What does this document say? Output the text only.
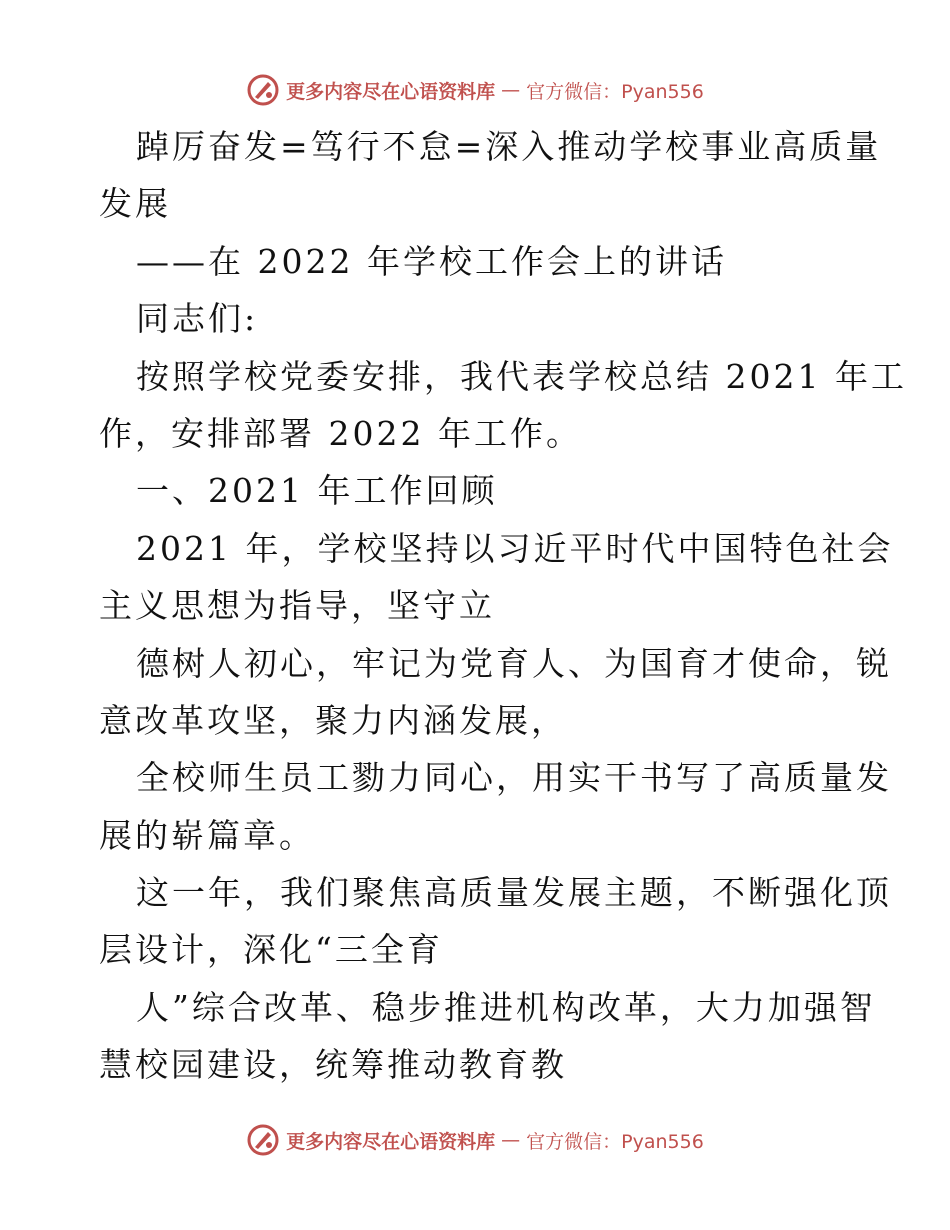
更多内容尽在心语资料库 — 官方微信：Pyan556
踔厉奋发=笃行不怠=深入推动学校事业高质量
发展
——在 2022 年学校工作会上的讲话
同志们:
按照学校党委安排，我代表学校总结 2021 年工
作，安排部署 2022 年工作。
一、2021 年工作回顾
2021 年，学校坚持以习近平时代中国特色社会
主义思想为指导，坚守立
德树人初心，牢记为党育人、为国育才使命，锐
意改革攻坚，聚力内涵发展，
全校师生员工勠力同心，用实干书写了高质量发
展的崭篇章。
这一年，我们聚焦高质量发展主题，不断强化顶
层设计，深化“三全育
人”综合改革、稳步推进机构改革，大力加强智
慧校园建设，统筹推动教育教
更多内容尽在心语资料库 — 官方微信：Pyan556
